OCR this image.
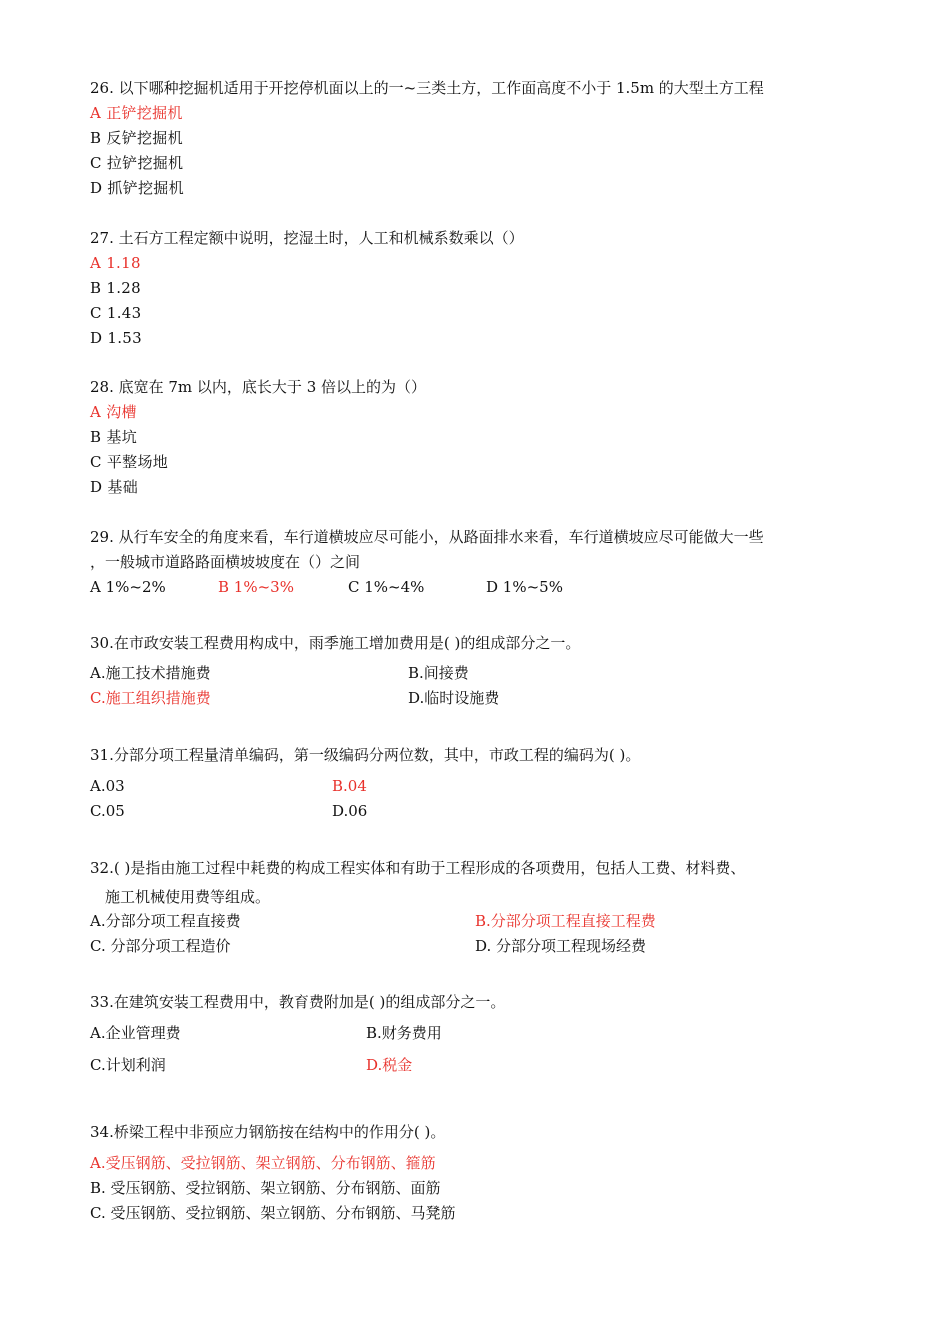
26. 以下哪种挖掘机适用于开挖停机面以上的一~三类土方，工作面高度不小于 1.5m 的大型土方工程
A 正铲挖掘机
B 反铲挖掘机
C 拉铲挖掘机
D 抓铲挖掘机
27. 土石方工程定额中说明，挖湿土时，人工和机械系数乘以（）
A 1.18
B 1.28
C 1.43
D 1.53
28. 底宽在 7m 以内，底长大于 3 倍以上的为（）
A 沟槽
B 基坑
C 平整场地
D 基础
29. 从行车安全的角度来看，车行道横坡应尽可能小，从路面排水来看，车行道横坡应尽可能做大一些
，一般城市道路路面横坡坡度在（）之间
A 1%~2%	B 1%~3%	C 1%~4%	D 1%~5%
30.在市政安装工程费用构成中，雨季施工增加费用是( )的组成部分之一。
A.施工技术措施费	B.间接费
C.施工组织措施费	D.临时设施费
31.分部分项工程量清单编码，第一级编码分两位数，其中，市政工程的编码为( )。
A.03	B.04
C.05	D.06
32.( )是指由施工过程中耗费的构成工程实体和有助于工程形成的各项费用，包括人工费、材料费、
施工机械使用费等组成。
A.分部分项工程直接费	B.分部分项工程直接工程费
C. 分部分项工程造价	D. 分部分项工程现场经费
33.在建筑安装工程费用中，教育费附加是( )的组成部分之一。
A.企业管理费	B.财务费用
C.计划利润	D.税金
34.桥梁工程中非预应力钢筋按在结构中的作用分( )。
A.受压钢筋、受拉钢筋、架立钢筋、分布钢筋、箍筋
B. 受压钢筋、受拉钢筋、架立钢筋、分布钢筋、面筋
C. 受压钢筋、受拉钢筋、架立钢筋、分布钢筋、马凳筋
